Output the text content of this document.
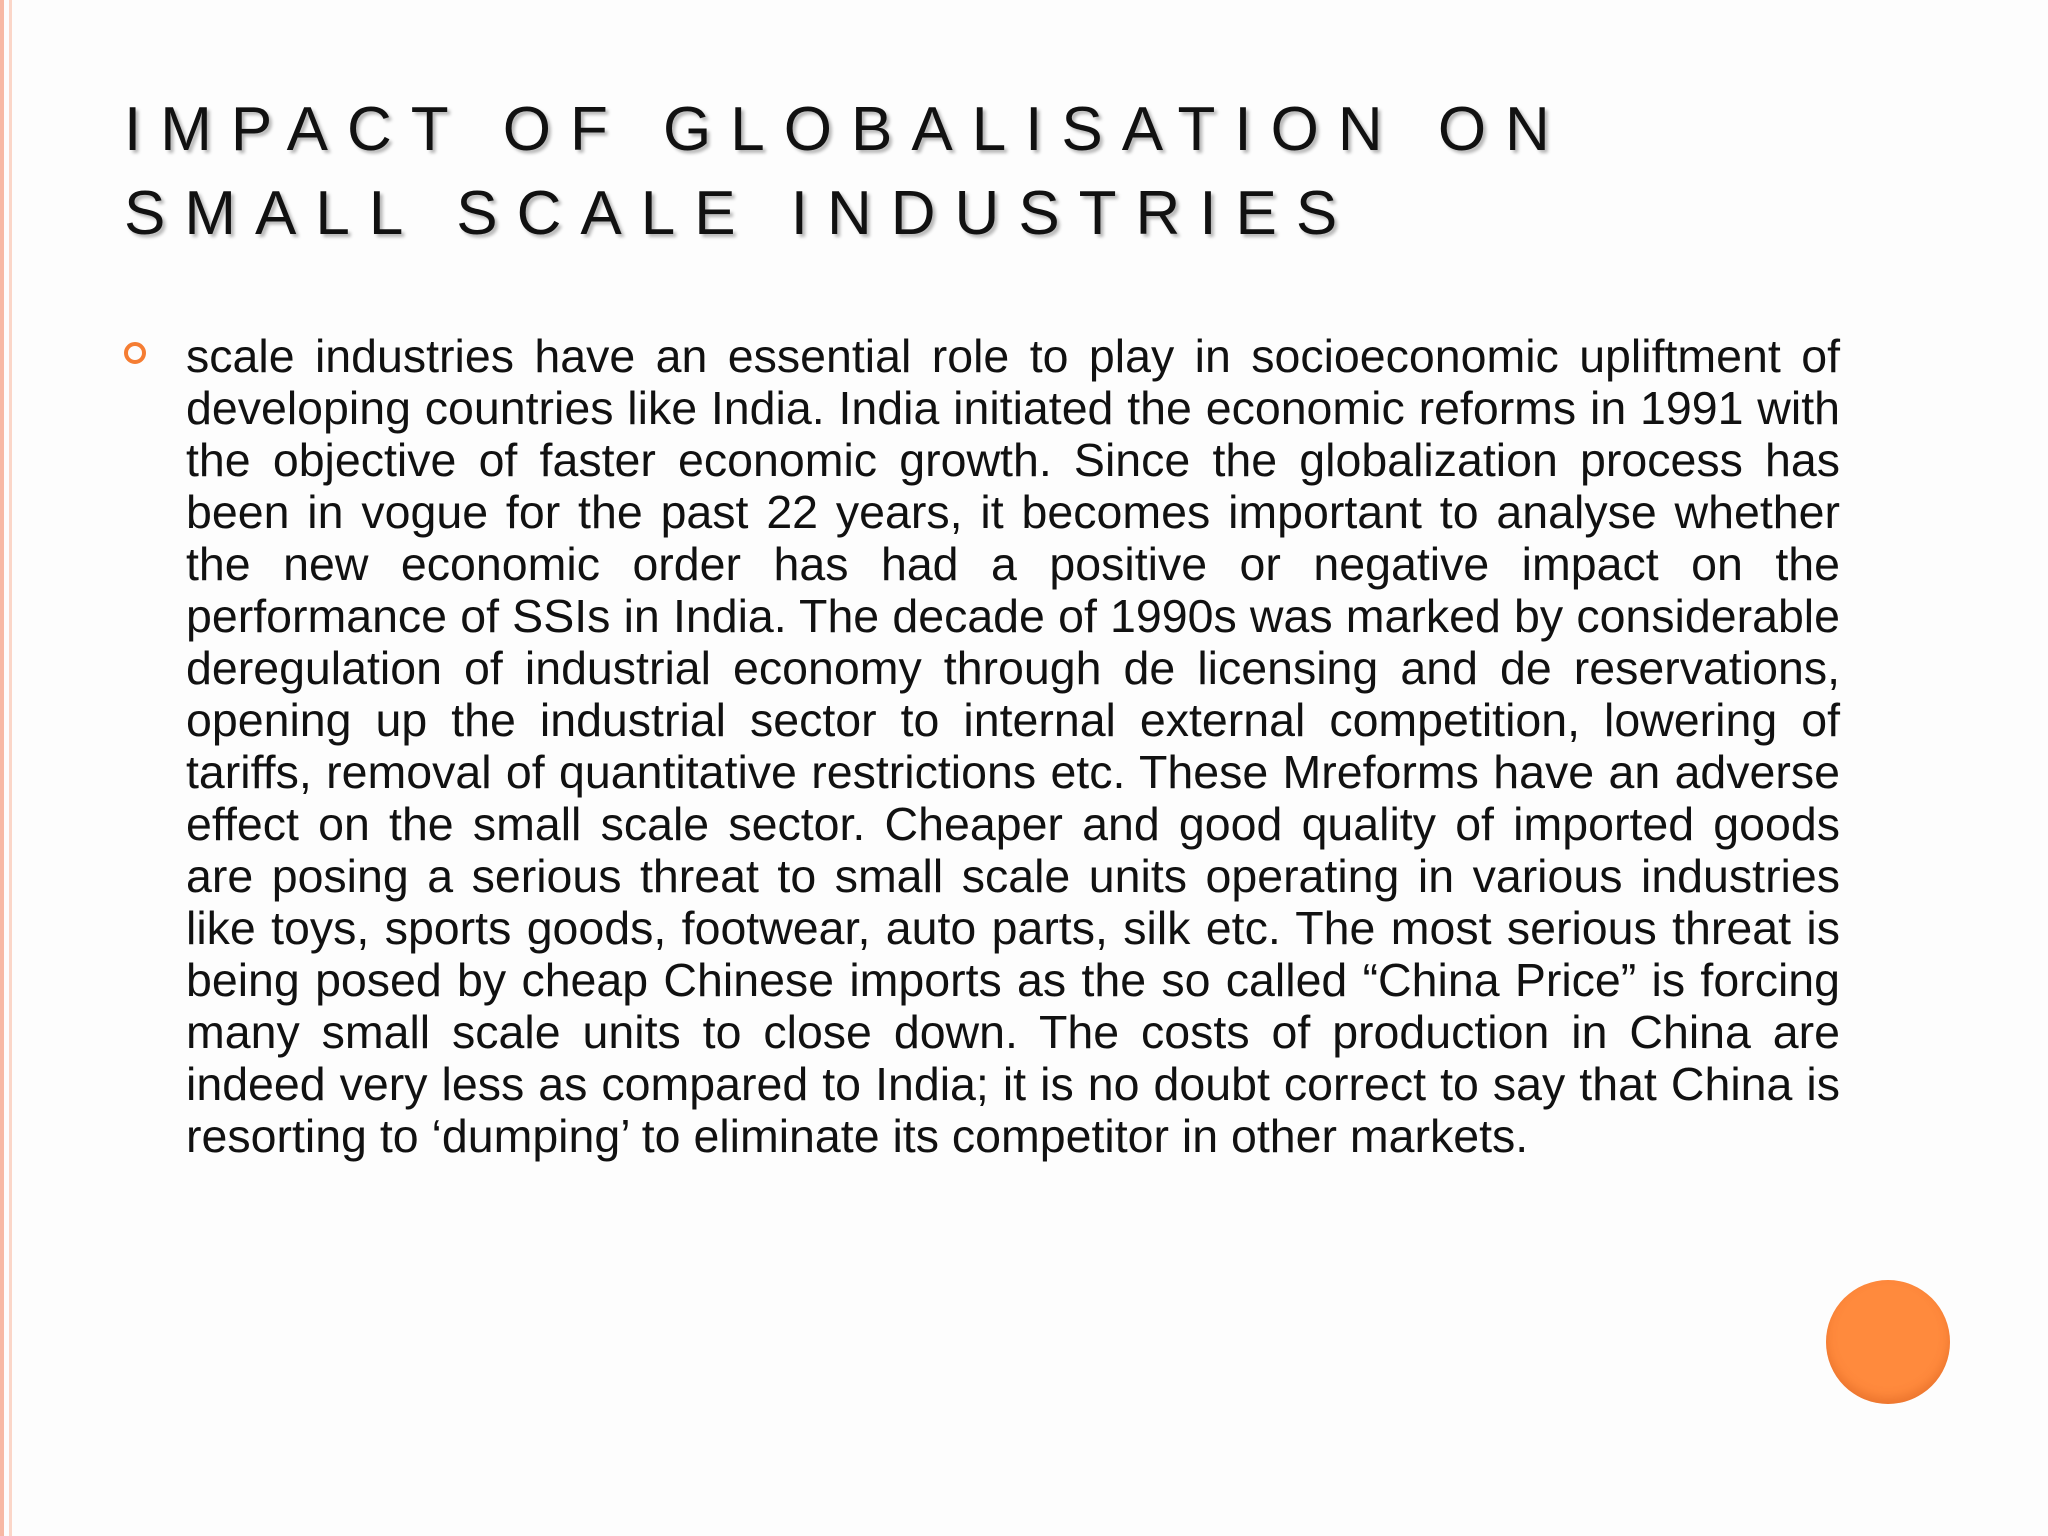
IMPACT OF GLOBALISATION ON
SMALL SCALE INDUSTRIES

scale industries have an essential role to play in socioeconomic upliftment of developing countries like India. India initiated the economic reforms in 1991 with the objective of faster economic growth. Since the globalization process has been in vogue for the past 22 years, it becomes important to analyse whether the new economic order has had a positive or negative impact on the performance of SSIs in India. The decade of 1990s was marked by considerable deregulation of industrial economy through de licensing and de reservations, opening up the industrial sector to internal external competition, lowering of tariffs, removal of quantitative restrictions etc. These Mreforms have an adverse effect on the small scale sector. Cheaper and good quality of imported goods are posing a serious threat to small scale units operating in various industries like toys, sports goods, footwear, auto parts, silk etc. The most serious threat is being posed by cheap Chinese imports as the so called “China Price” is forcing many small scale units to close down. The costs of production in China are indeed very less as compared to India; it is no doubt correct to say that China is resorting to ‘dumping’ to eliminate its competitor in other markets.
